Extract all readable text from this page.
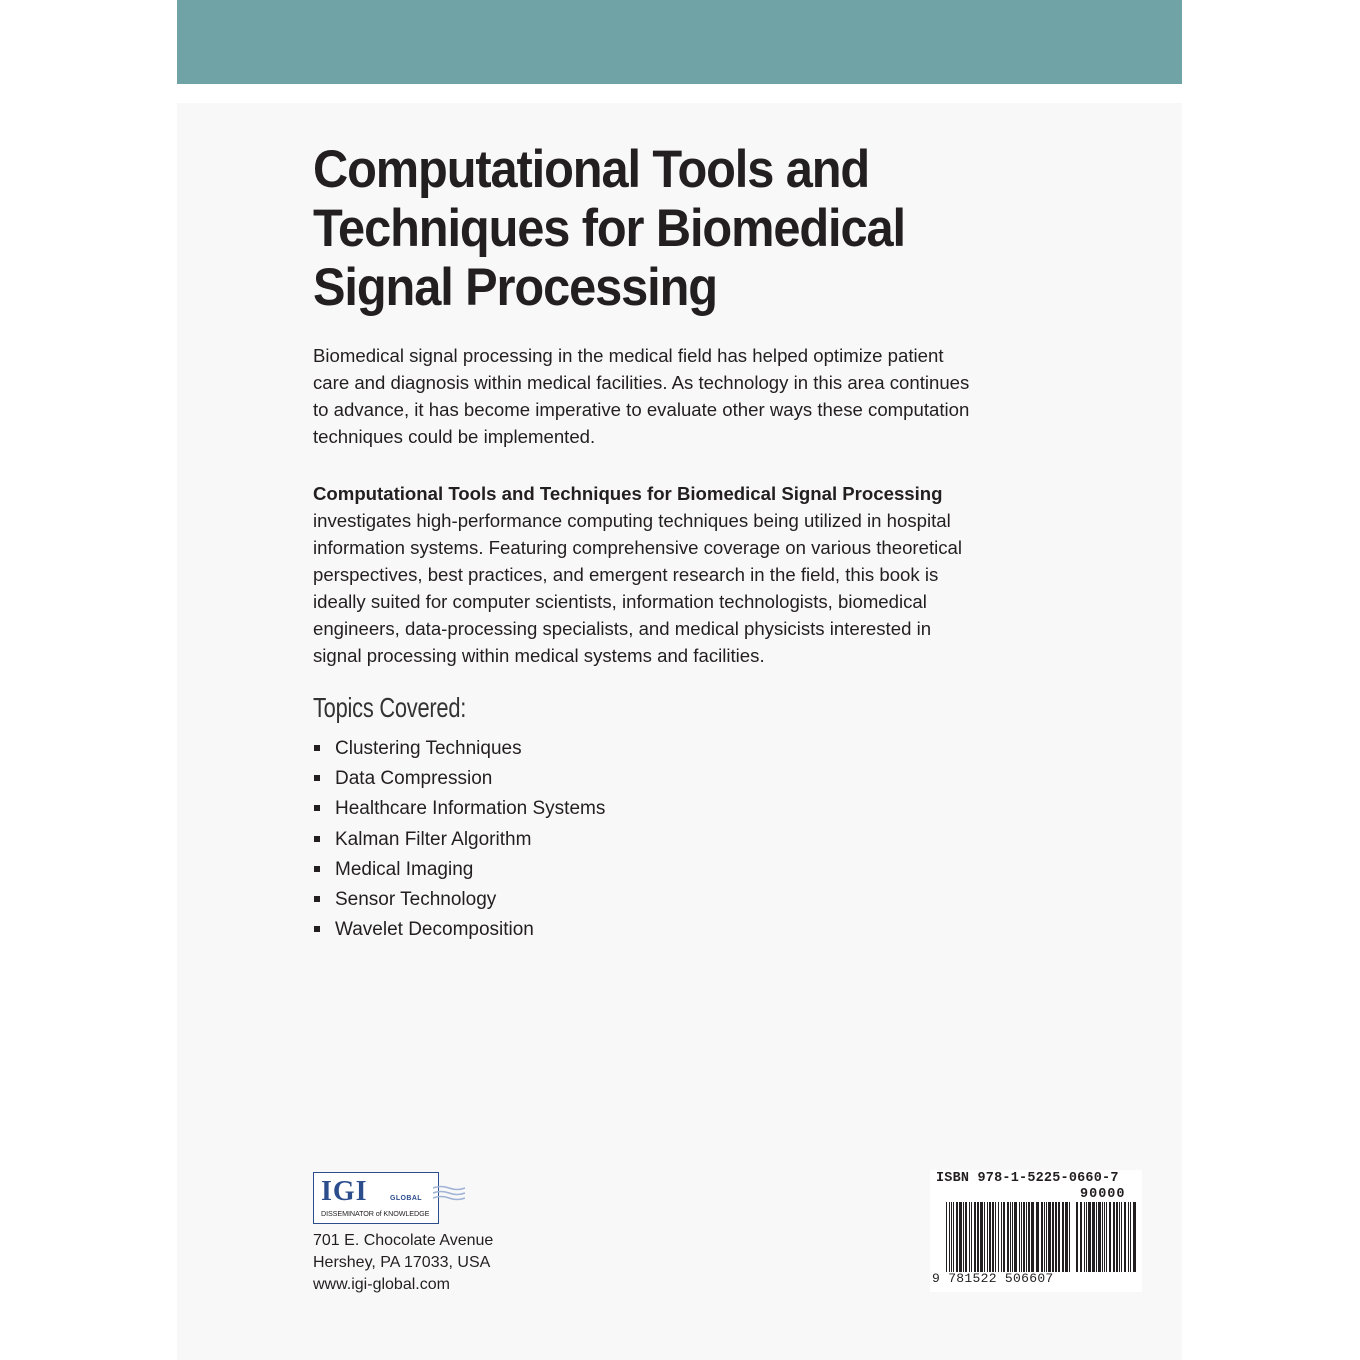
Computational Tools and
Techniques for Biomedical
Signal Processing

Biomedical signal processing in the medical field has helped optimize patient
care and diagnosis within medical facilities. As technology in this area continues
to advance, it has become imperative to evaluate other ways these computation
techniques could be implemented.

Computational Tools and Techniques for Biomedical Signal Processing
investigates high-performance computing techniques being utilized in hospital
information systems. Featuring comprehensive coverage on various theoretical
perspectives, best practices, and emergent research in the field, this book is
ideally suited for computer scientists, information technologists, biomedical
engineers, data-processing specialists, and medical physicists interested in
signal processing within medical systems and facilities.

Topics Covered:
Clustering Techniques
Data Compression
Healthcare Information Systems
Kalman Filter Algorithm
Medical Imaging
Sensor Technology
Wavelet Decomposition
IGI	GLOBAL
DISSEMINATOR of KNOWLEDGE
701 E. Chocolate Avenue
Hershey, PA 17033, USA
www.igi-global.com
ISBN 978-1-5225-0660-7
90000
9 781522 506607
